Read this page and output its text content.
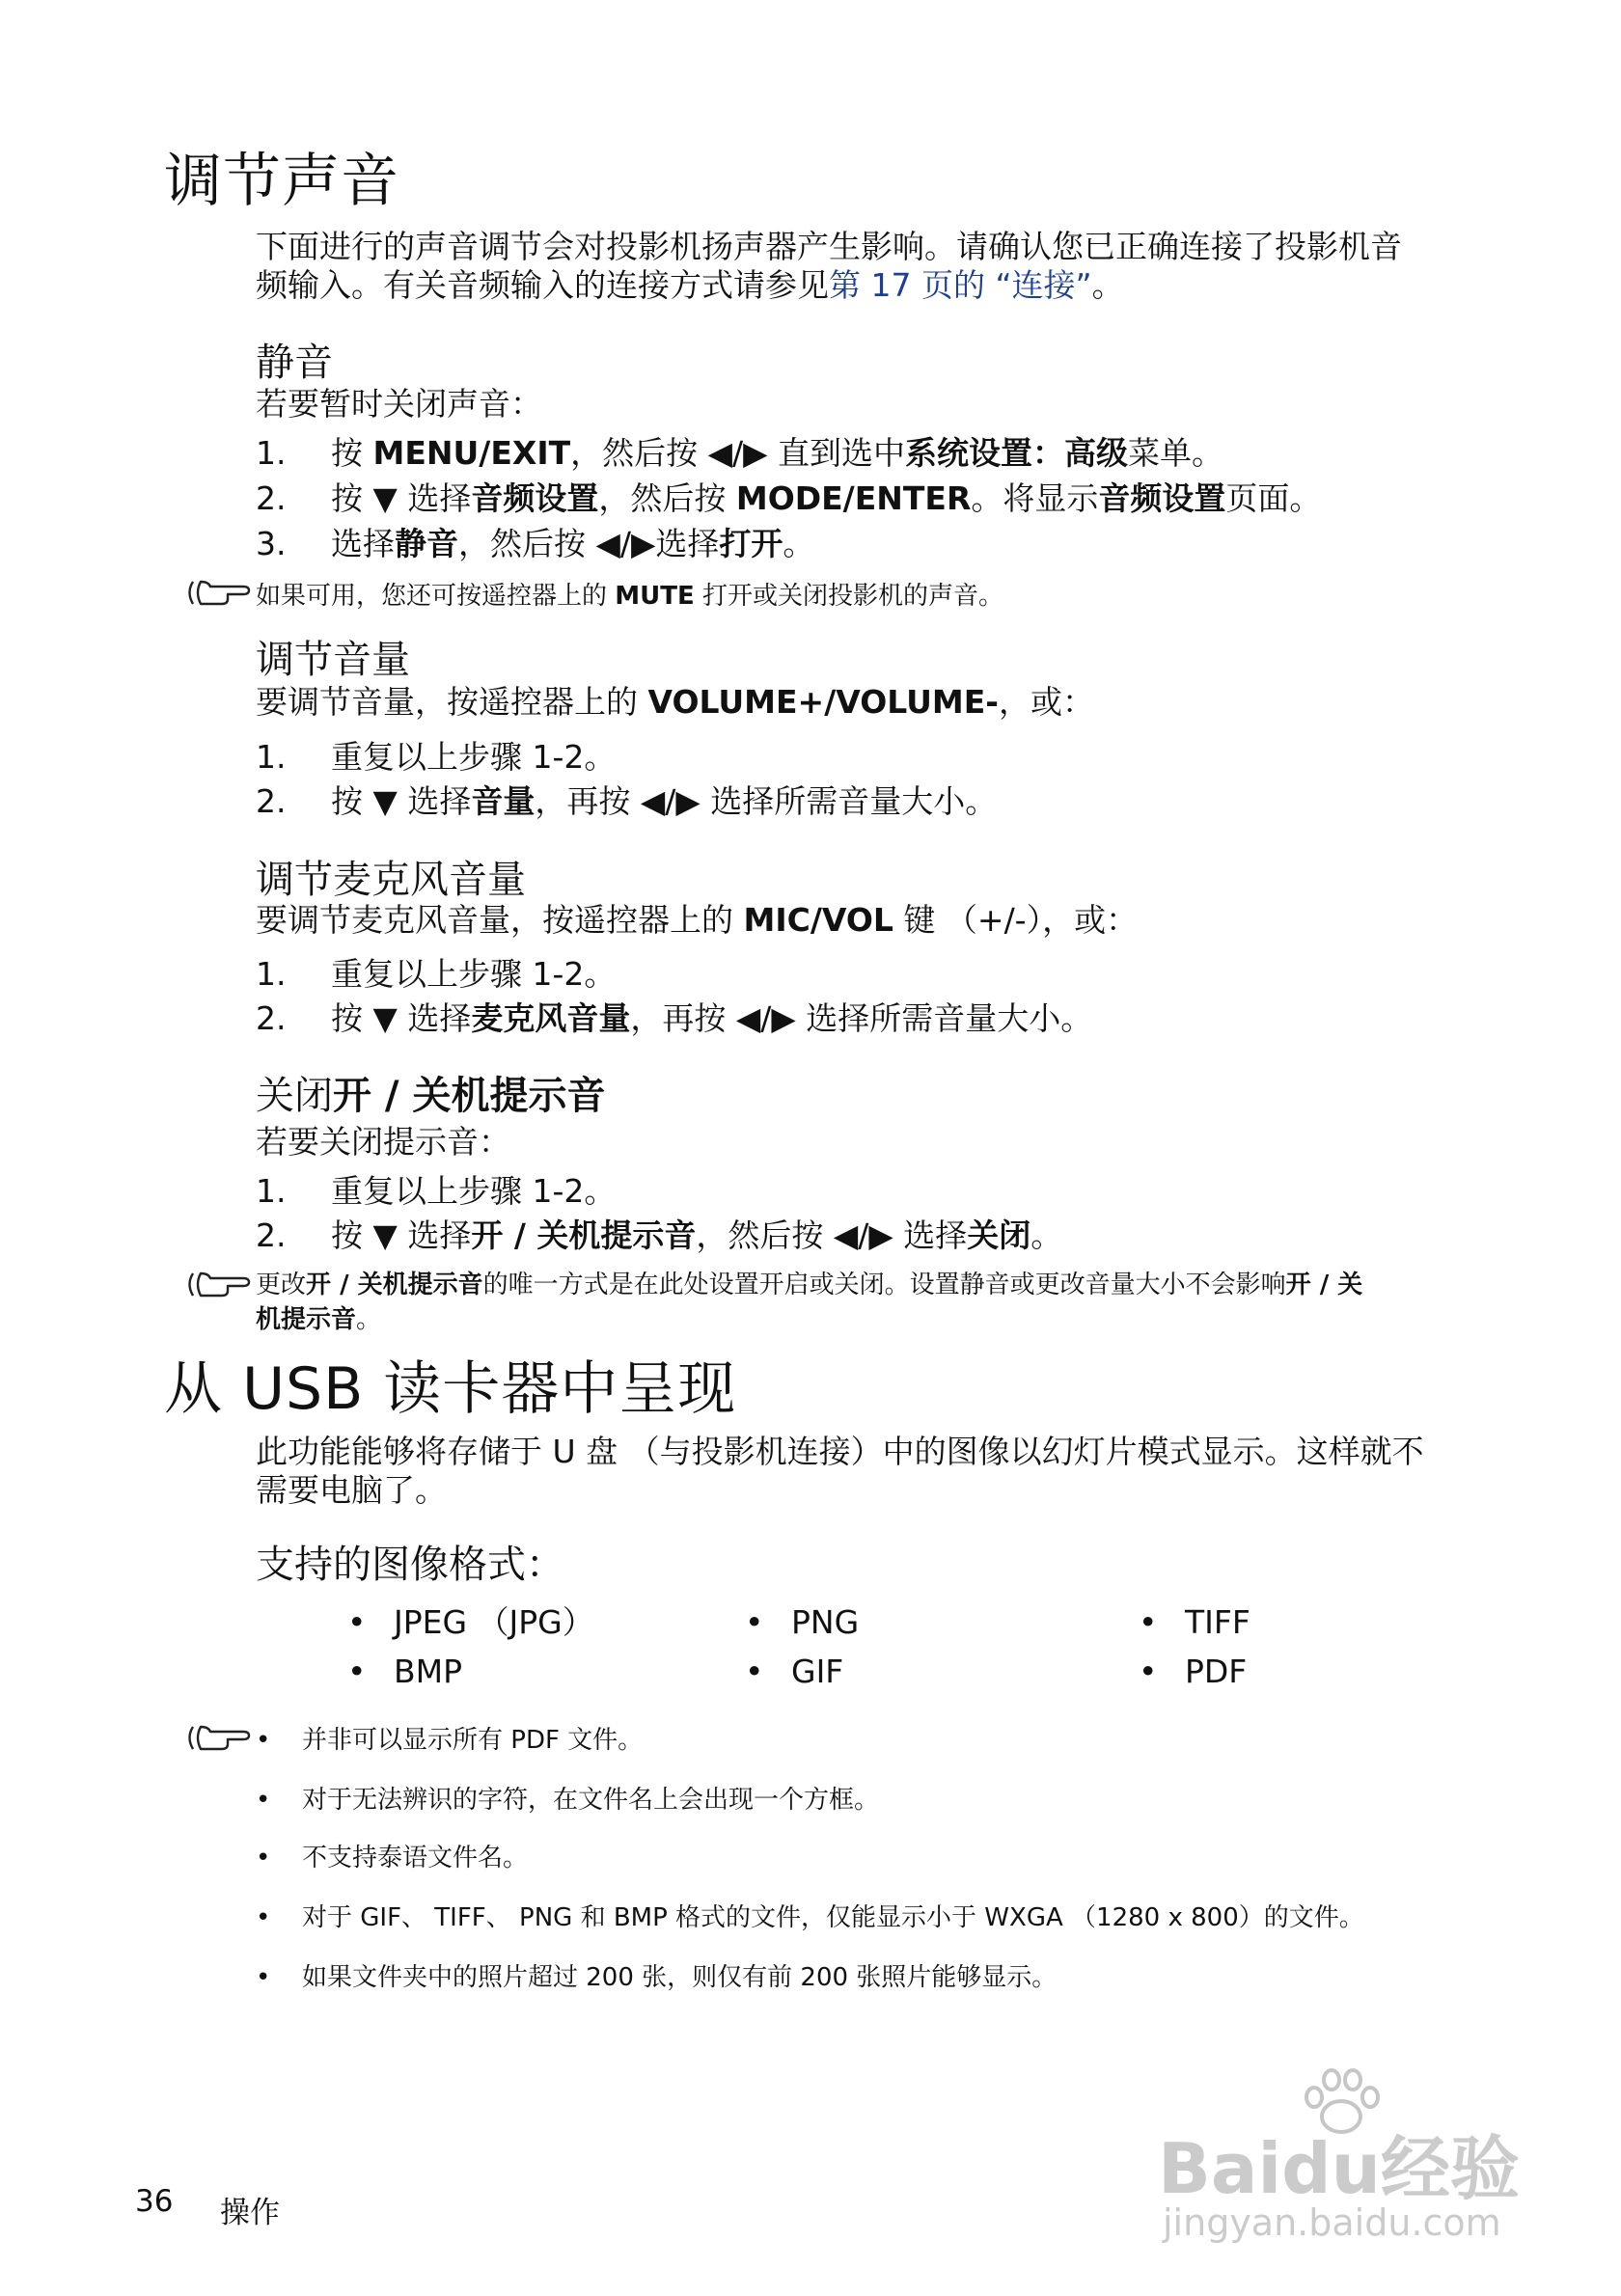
调节声音
下面进行的声音调节会对投影机扬声器产生影响。请确认您已正确连接了投影机音
频输入。有关音频输入的连接方式请参见第 17 页的 “连接”。
静音
若要暂时关闭声音：
1. 按 MENU/EXIT，然后按 ◀/▶ 直到选中系统设置：高级菜单。
2. 按 ▼ 选择音频设置，然后按 MODE/ENTER。将显示音频设置页面。
3. 选择静音，然后按 ◀/▶选择打开。
如果可用，您还可按遥控器上的 MUTE 打开或关闭投影机的声音。
调节音量
要调节音量，按遥控器上的 VOLUME+/VOLUME-，或：
1. 重复以上步骤 1-2。
2. 按 ▼ 选择音量，再按 ◀/▶ 选择所需音量大小。
调节麦克风音量
要调节麦克风音量，按遥控器上的 MIC/VOL 键 （+/-），或：
1. 重复以上步骤 1-2。
2. 按 ▼ 选择麦克风音量，再按 ◀/▶ 选择所需音量大小。
关闭开 / 关机提示音
若要关闭提示音：
1. 重复以上步骤 1-2。
2. 按 ▼ 选择开 / 关机提示音，然后按 ◀/▶ 选择关闭。
更改开 / 关机提示音的唯一方式是在此处设置开启或关闭。设置静音或更改音量大小不会影响开 / 关
机提示音。
从 USB 读卡器中呈现
此功能能够将存储于 U 盘 （与投影机连接）中的图像以幻灯片模式显示。这样就不
需要电脑了。
支持的图像格式：
• JPEG （JPG）	• PNG	• TIFF
• BMP	• GIF	• PDF
• 并非可以显示所有 PDF 文件。
• 对于无法辨识的字符，在文件名上会出现一个方框。
• 不支持泰语文件名。
• 对于 GIF、 TIFF、 PNG 和 BMP 格式的文件，仅能显示小于 WXGA （1280 x 800）的文件。
• 如果文件夹中的照片超过 200 张，则仅有前 200 张照片能够显示。
Baidu经验
jingyan.baidu.com
36 操作
